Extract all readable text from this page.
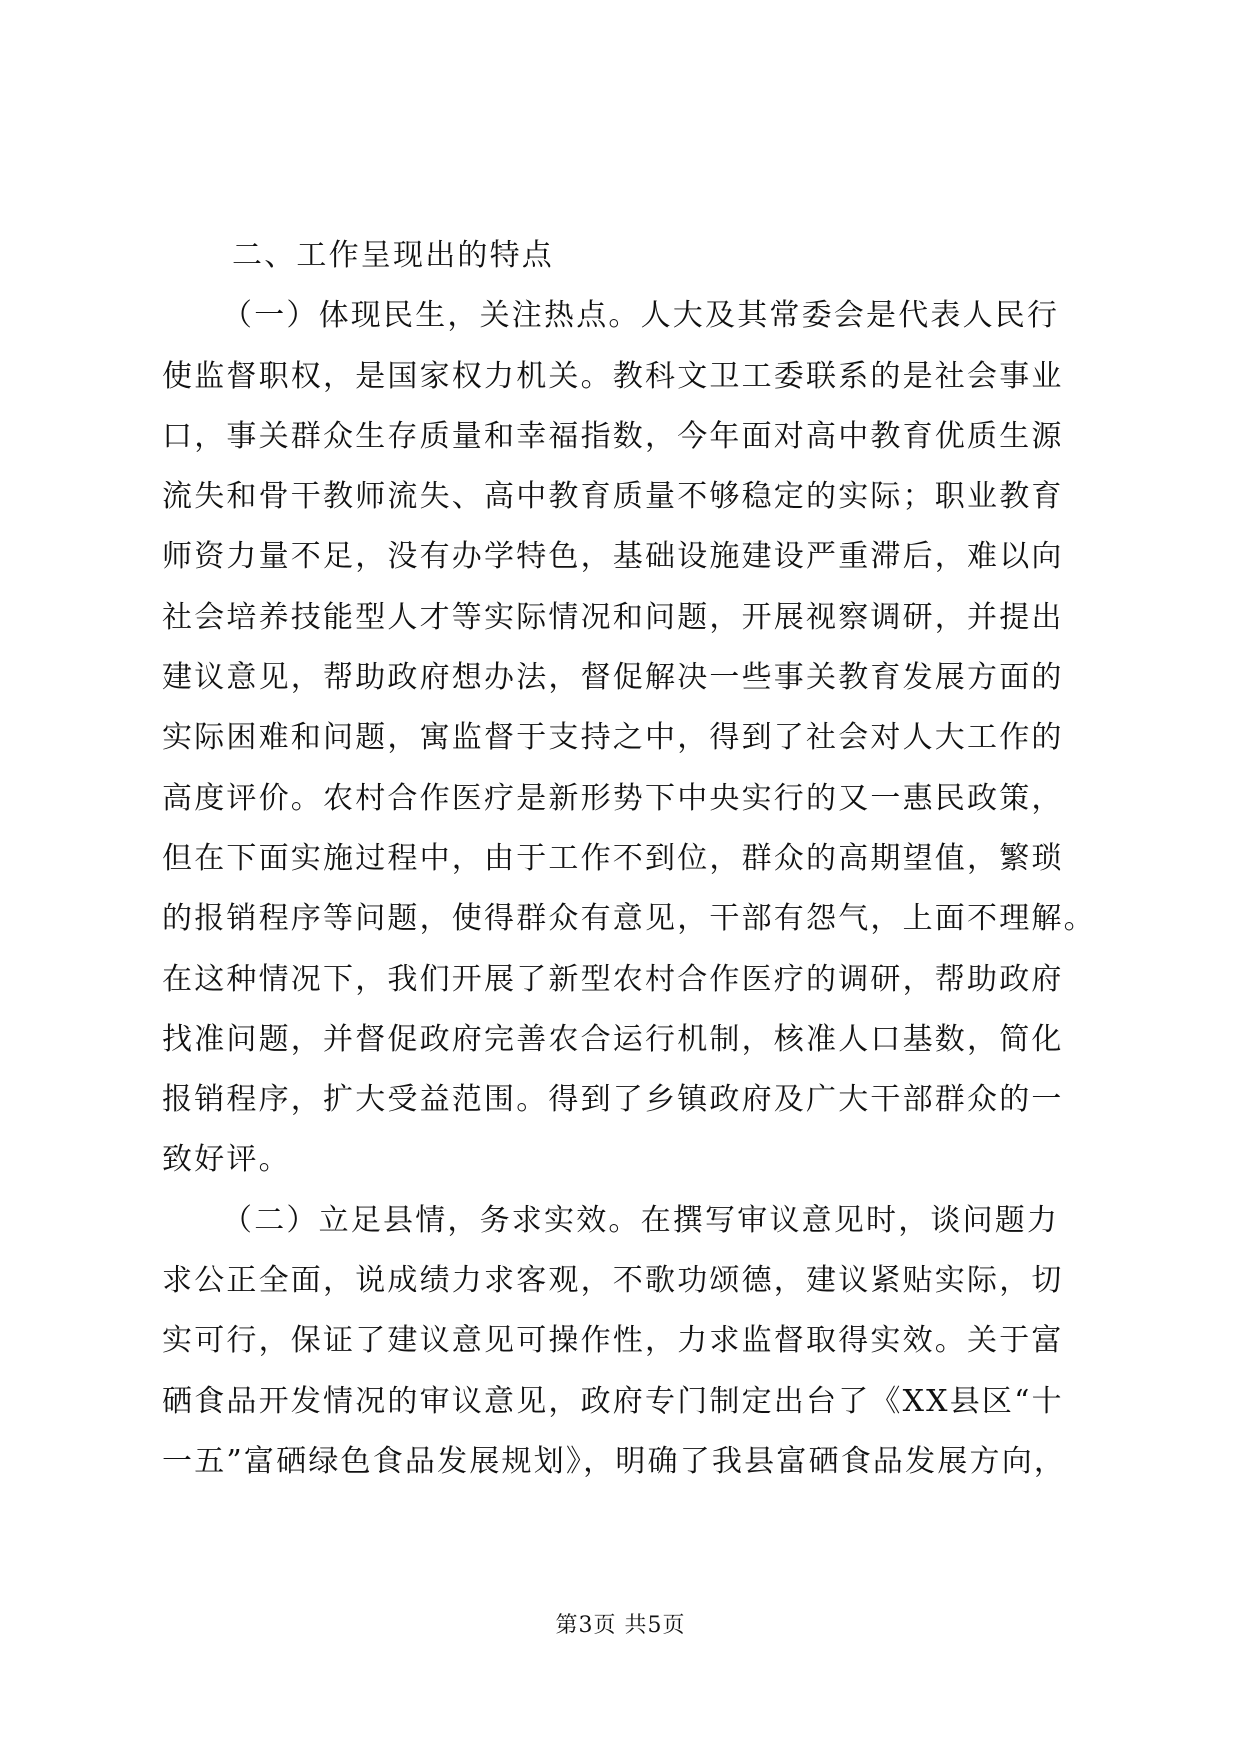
二、工作呈现出的特点
（一）体现民生，关注热点。人大及其常委会是代表人民行
使监督职权，是国家权力机关。教科文卫工委联系的是社会事业
口，事关群众生存质量和幸福指数，今年面对高中教育优质生源
流失和骨干教师流失、高中教育质量不够稳定的实际；职业教育
师资力量不足，没有办学特色，基础设施建设严重滞后，难以向
社会培养技能型人才等实际情况和问题，开展视察调研，并提出
建议意见，帮助政府想办法，督促解决一些事关教育发展方面的
实际困难和问题，寓监督于支持之中，得到了社会对人大工作的
高度评价。农村合作医疗是新形势下中央实行的又一惠民政策，
但在下面实施过程中，由于工作不到位，群众的高期望值，繁琐
的报销程序等问题，使得群众有意见，干部有怨气，上面不理解。
在这种情况下，我们开展了新型农村合作医疗的调研，帮助政府
找准问题，并督促政府完善农合运行机制，核准人口基数，简化
报销程序，扩大受益范围。得到了乡镇政府及广大干部群众的一
致好评。
（二）立足县情，务求实效。在撰写审议意见时，谈问题力
求公正全面，说成绩力求客观，不歌功颂德，建议紧贴实际，切
实可行，保证了建议意见可操作性，力求监督取得实效。关于富
硒食品开发情况的审议意见，政府专门制定出台了《XX县区“十
一五”富硒绿色食品发展规划》，明确了我县富硒食品发展方向，
第3页 共5页
